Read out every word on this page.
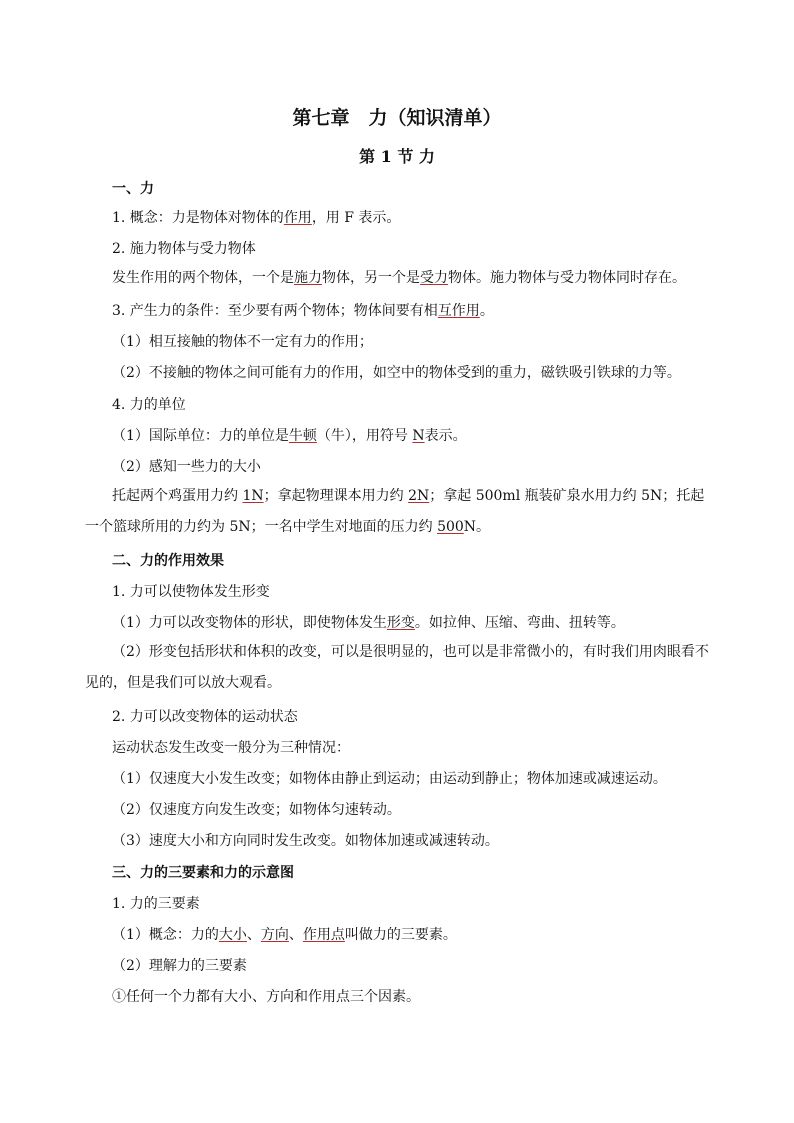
第七章　力（知识清单）
第 1 节 力
一、力
1. 概念：力是物体对物体的作用，用 F 表示。
2. 施力物体与受力物体
发生作用的两个物体，一个是施力物体，另一个是受力物体。施力物体与受力物体同时存在。
3. 产生力的条件：至少要有两个物体；物体间要有相互作用。
（1）相互接触的物体不一定有力的作用；
（2）不接触的物体之间可能有力的作用，如空中的物体受到的重力，磁铁吸引铁球的力等。
4. 力的单位
（1）国际单位：力的单位是牛顿（牛），用符号 N表示。
（2）感知一些力的大小
托起两个鸡蛋用力约 1N；拿起物理课本用力约 2N；拿起 500ml 瓶装矿泉水用力约 5N；托起一个篮球所用的力约为 5N；一名中学生对地面的压力约 500N。
二、力的作用效果
1. 力可以使物体发生形变
（1）力可以改变物体的形状，即使物体发生形变。如拉伸、压缩、弯曲、扭转等。
（2）形变包括形状和体积的改变，可以是很明显的，也可以是非常微小的，有时我们用肉眼看不见的，但是我们可以放大观看。
2. 力可以改变物体的运动状态
运动状态发生改变一般分为三种情况：
（1）仅速度大小发生改变；如物体由静止到运动；由运动到静止；物体加速或减速运动。
（2）仅速度方向发生改变；如物体匀速转动。
（3）速度大小和方向同时发生改变。如物体加速或减速转动。
三、力的三要素和力的示意图
1. 力的三要素
（1）概念：力的大小、方向、作用点叫做力的三要素。
（2）理解力的三要素
①任何一个力都有大小、方向和作用点三个因素。
